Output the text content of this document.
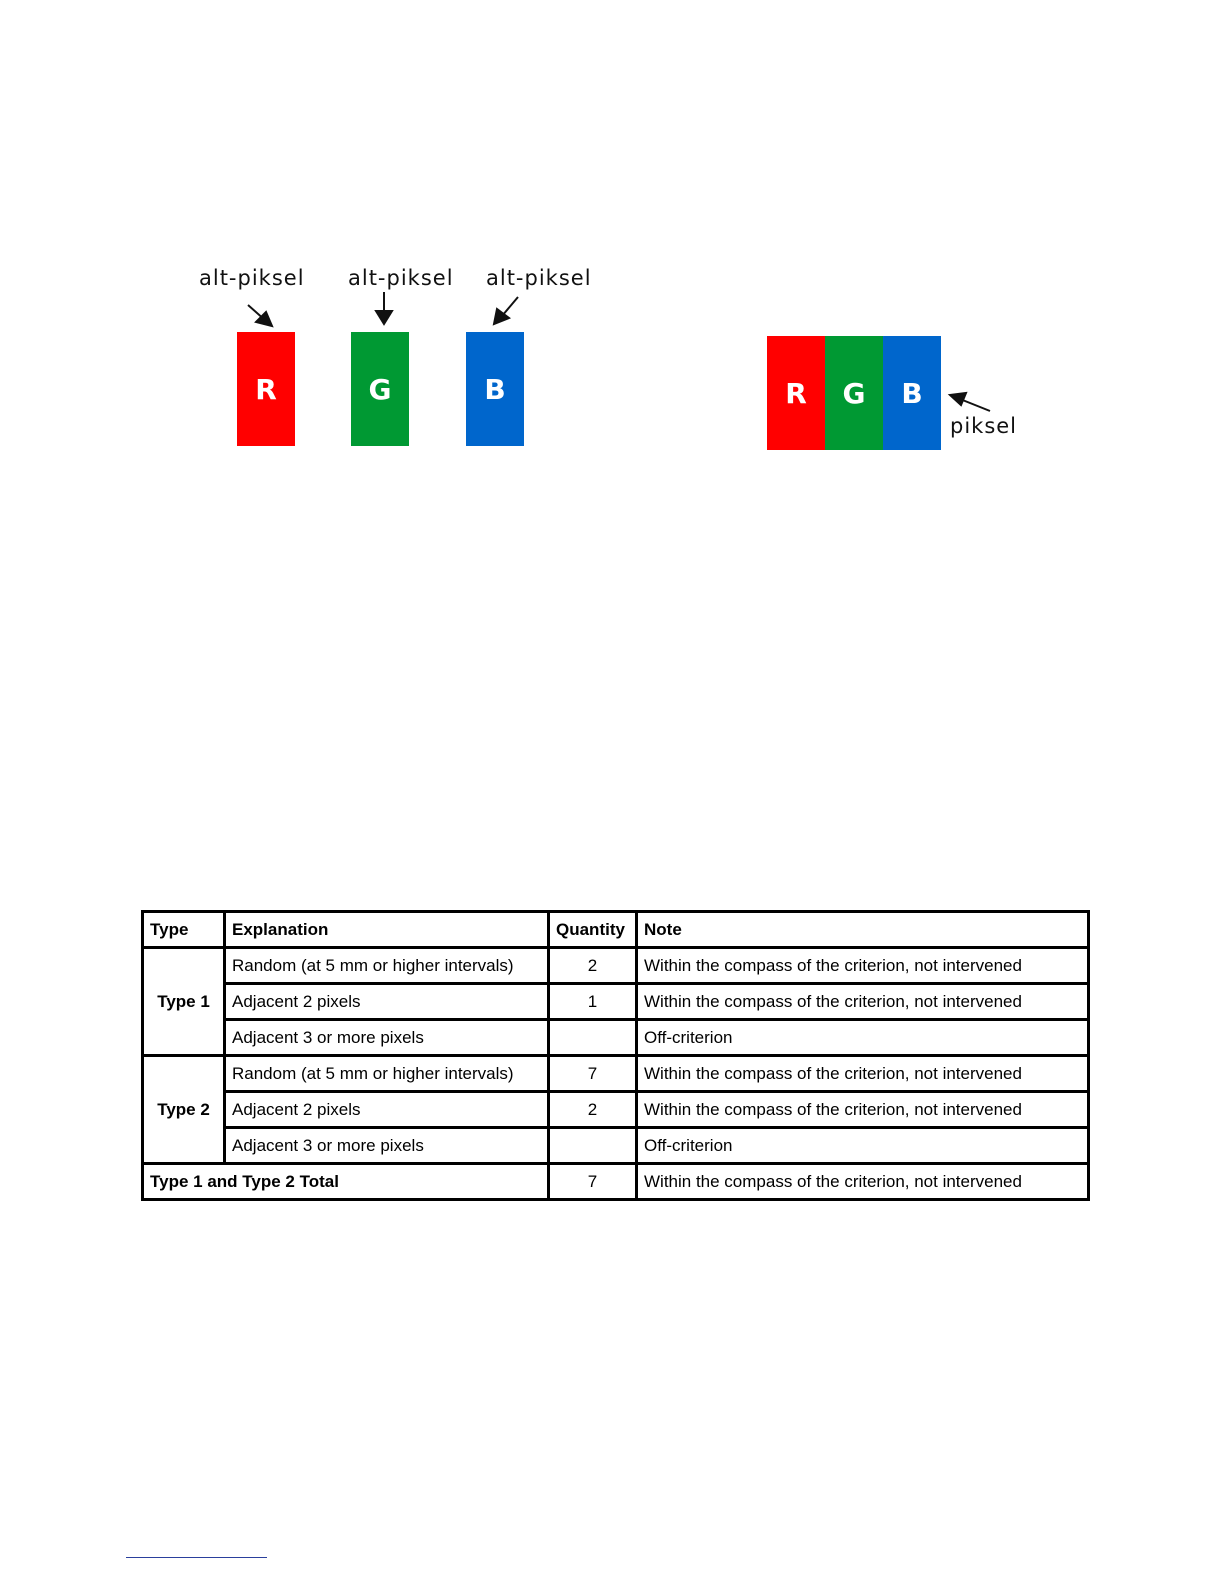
alt-piksel alt-piksel alt-piksel
R	G	B	R G B
piksel
Type	Explanation	Quantity	Note
Type 1	Random (at 5 mm or higher intervals)	2	Within the compass of the criterion, not intervened
	Adjacent 2 pixels	1	Within the compass of the criterion, not intervened
	Adjacent 3 or more pixels		Off-criterion
Type 2	Random (at 5 mm or higher intervals)	7	Within the compass of the criterion, not intervened
	Adjacent 2 pixels	2	Within the compass of the criterion, not intervened
	Adjacent 3 or more pixels		Off-criterion
Type 1 and Type 2 Total		7	Within the compass of the criterion, not intervened
